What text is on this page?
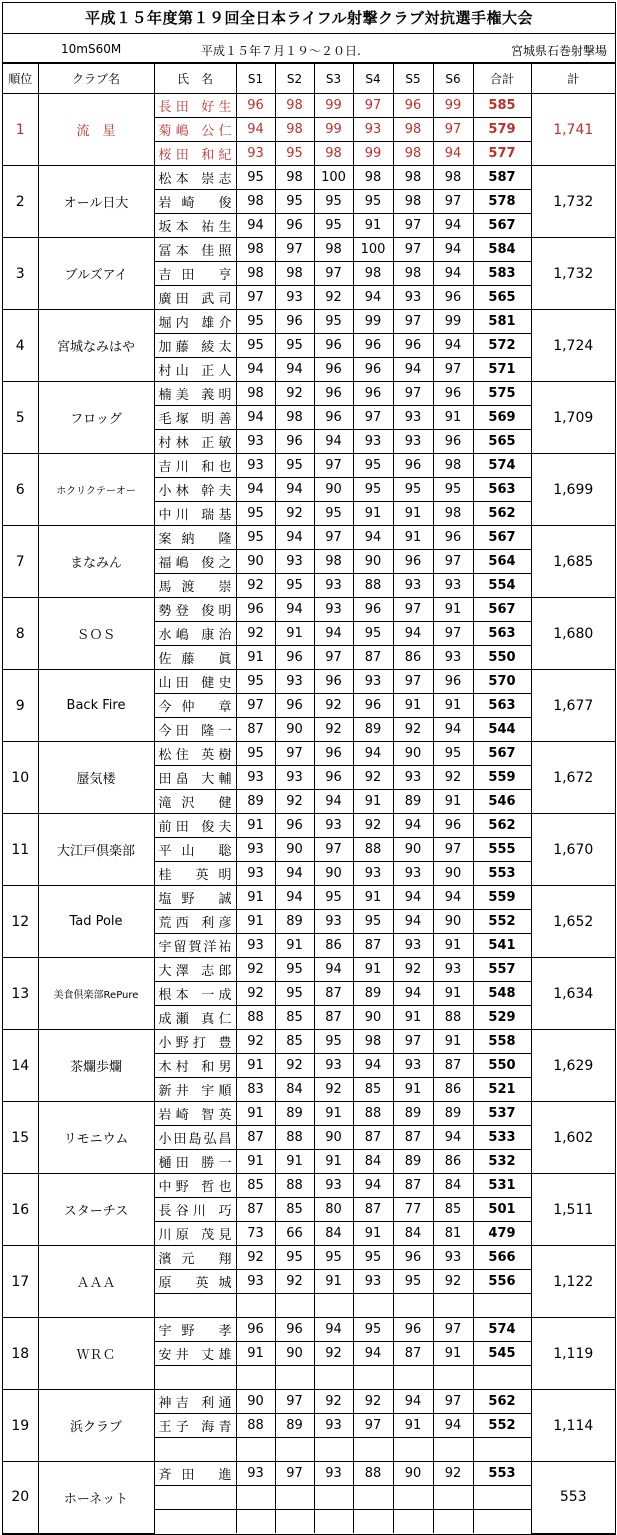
平成１５年度第１９回全日本ライフル射撃クラブ対抗選手権大会
10mS60M	平成１５年７月１９～２０日.	宮城県石巻射撃場
順位	クラブ名	氏　名	S1	S2	S3	S4	S5	S6	合計	計
1	流　星	長田 好生	96	98	99	97	96	99	585	1,741
		菊嶋 公仁	94	98	99	93	98	97	579	
		桜田 和紀	93	95	98	99	98	94	577	
2	オール日大	松本 崇志	95	98	100	98	98	98	587	1,732
		岩崎 俊	98	95	95	95	98	97	578	
		坂本 祐生	94	96	95	91	97	94	567	
3	ブルズアイ	冨本 佳照	98	97	98	100	97	94	584	1,732
		吉田 亨	98	98	97	98	98	94	583	
		廣田 武司	97	93	92	94	93	96	565	
4	宮城なみはや	堀内 雄介	95	96	95	99	97	99	581	1,724
		加藤 綾太	95	95	96	96	96	94	572	
		村山 正人	94	94	96	96	94	97	571	
5	フロッグ	楠美 義明	98	92	96	96	97	96	575	1,709
		毛塚 明善	94	98	96	97	93	91	569	
		村林 正敏	93	96	94	93	93	96	565	
6	ホクリクテーオー	吉川 和也	93	95	97	95	96	98	574	1,699
		小林 幹夫	94	94	90	95	95	95	563	
		中川 瑞基	95	92	95	91	91	98	562	
7	まなみん	案納 隆	95	94	97	94	91	96	567	1,685
		福嶋 俊之	90	93	98	90	96	97	564	
		馬渡 崇	92	95	93	88	93	93	554	
8	ＳＯＳ	勢登 俊明	96	94	93	96	97	91	567	1,680
		水嶋 康治	92	91	94	95	94	97	563	
		佐藤 眞	91	96	97	87	86	93	550	
9	Back Fire	山田 健史	95	93	96	93	97	96	570	1,677
		今仲 章	97	96	92	96	91	91	563	
		今田 隆一	87	90	92	89	92	94	544	
10	蜃気楼	松住 英樹	95	97	96	94	90	95	567	1,672
		田畠 大輔	93	93	96	92	93	92	559	
		滝沢 健	89	92	94	91	89	91	546	
11	大江戸倶楽部	前田 俊夫	91	96	93	92	94	96	562	1,670
		平山 聡	93	90	97	88	90	97	555	
		桂 英明	93	94	90	93	93	90	553	
12	Tad Pole	塩野 誠	91	94	95	91	94	94	559	1,652
		荒西 利彦	91	89	93	95	94	90	552	
		宇留賀洋祐	93	91	86	87	93	91	541	
13	美食倶楽部RePure	大澤 志郎	92	95	94	91	92	93	557	1,634
		根本 一成	92	95	87	89	94	91	548	
		成瀬 真仁	88	85	87	90	91	88	529	
14	茶爛歩爛	小野打 豊	92	85	95	98	97	91	558	1,629
		木村 和男	91	92	93	94	93	87	550	
		新井 宇順	83	84	92	85	91	86	521	
15	リモニウム	岩崎 智英	91	89	91	88	89	89	537	1,602
		小田島弘昌	87	88	90	87	87	94	533	
		樋田 勝一	91	91	91	84	89	86	532	
16	スターチス	中野 哲也	85	88	93	94	87	84	531	1,511
		長谷川 巧	87	85	80	87	77	85	501	
		川原 茂見	73	66	84	91	84	81	479	
17	ＡＡＡ	濱元 翔	92	95	95	95	96	93	566	1,122
		原 英城	93	92	91	93	95	92	556	

18	ＷＲＣ	宇野 孝	96	96	94	95	96	97	574	1,119
		安井 丈雄	91	90	92	94	87	91	545	

19	浜クラブ	神吉 利通	90	97	92	92	94	97	562	1,114
		王子 海青	88	89	93	97	91	94	552	

20	ホーネット	斉田 進	93	97	93	88	90	92	553	553
